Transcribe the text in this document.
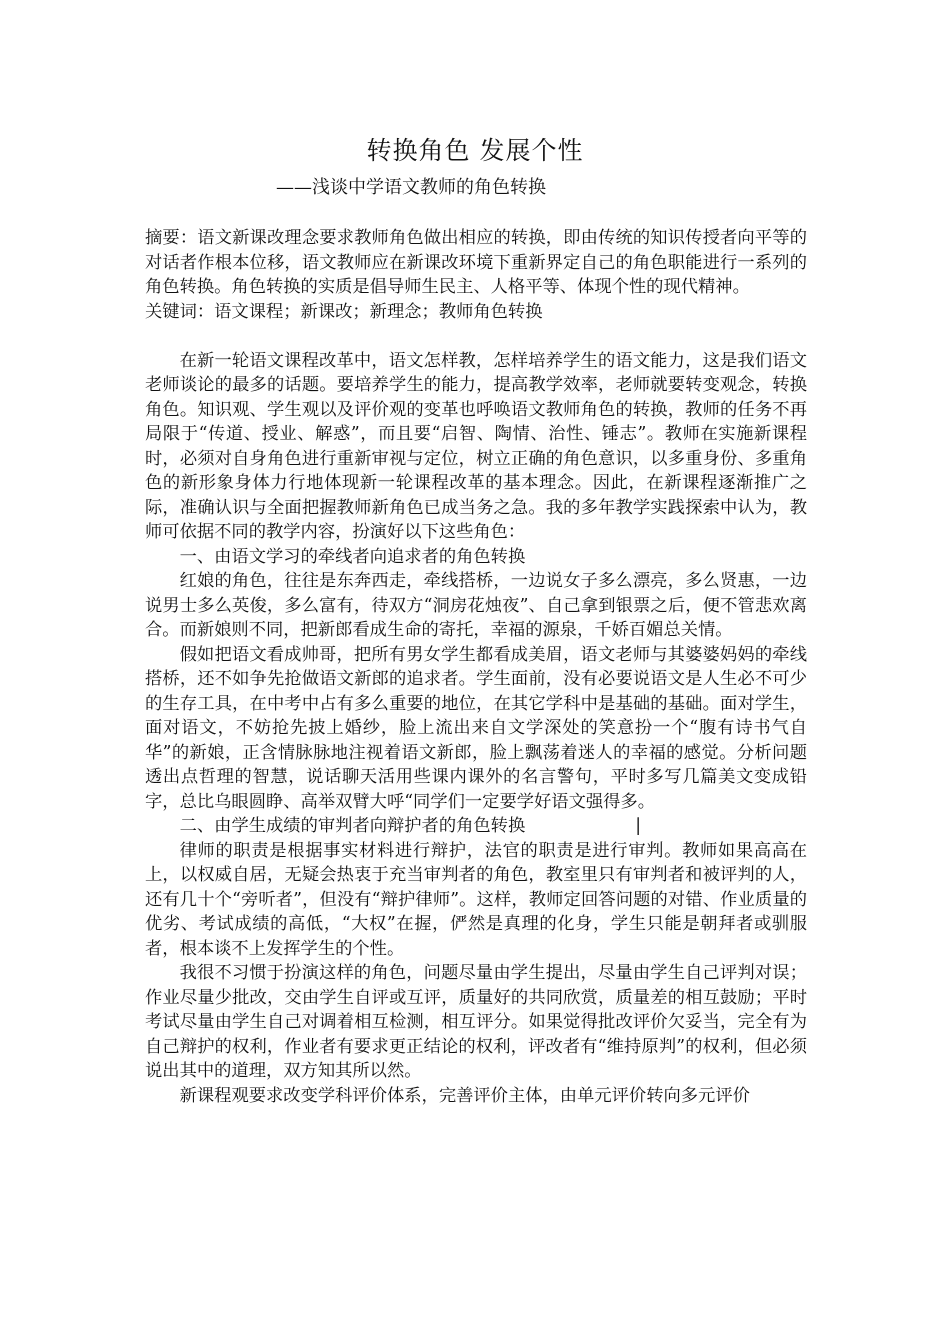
转换角色 发展个性
——浅谈中学语文教师的角色转换

摘要：语文新课改理念要求教师角色做出相应的转换，即由传统的知识传授者向平等的对话者作根本位移，语文教师应在新课改环境下重新界定自己的角色职能进行一系列的角色转换。角色转换的实质是倡导师生民主、人格平等、体现个性的现代精神。

关键词：语文课程；新课改；新理念；教师角色转换

在新一轮语文课程改革中，语文怎样教，怎样培养学生的语文能力，这是我们语文老师谈论的最多的话题。要培养学生的能力，提高教学效率，老师就要转变观念，转换角色。知识观、学生观以及评价观的变革也呼唤语文教师角色的转换，教师的任务不再局限于“传道、授业、解惑”，而且要“启智、陶情、治性、锤志”。教师在实施新课程时，必须对自身角色进行重新审视与定位，树立正确的角色意识，以多重身份、多重角色的新形象身体力行地体现新一轮课程改革的基本理念。因此，在新课程逐渐推广之际，准确认识与全面把握教师新角色已成当务之急。我的多年教学实践探索中认为，教师可依据不同的教学内容，扮演好以下这些角色：

一、由语文学习的牵线者向追求者的角色转换

红娘的角色，往往是东奔西走，牵线搭桥，一边说女子多么漂亮，多么贤惠，一边说男士多么英俊，多么富有，待双方“洞房花烛夜”、自己拿到银票之后，便不管悲欢离合。而新娘则不同，把新郎看成生命的寄托，幸福的源泉，千娇百媚总关情。

假如把语文看成帅哥，把所有男女学生都看成美眉，语文老师与其婆婆妈妈的牵线搭桥，还不如争先抢做语文新郎的追求者。学生面前，没有必要说语文是人生必不可少的生存工具，在中考中占有多么重要的地位，在其它学科中是基础的基础。面对学生，面对语文，不妨抢先披上婚纱，脸上流出来自文学深处的笑意扮一个“腹有诗书气自华”的新娘，正含情脉脉地注视着语文新郎，脸上飘荡着迷人的幸福的感觉。分析问题透出点哲理的智慧，说话聊天活用些课内课外的名言警句，平时多写几篇美文变成铅字，总比乌眼圆睁、高举双臂大呼“同学们一定要学好语文强得多。

二、由学生成绩的审判者向辩护者的角色转换	|

律师的职责是根据事实材料进行辩护，法官的职责是进行审判。教师如果高高在上，以权威自居，无疑会热衷于充当审判者的角色，教室里只有审判者和被评判的人，还有几十个“旁听者”，但没有“辩护律师”。这样，教师定回答问题的对错、作业质量的优劣、考试成绩的高低，“大权”在握，俨然是真理的化身，学生只能是朝拜者或驯服者，根本谈不上发挥学生的个性。

我很不习惯于扮演这样的角色，问题尽量由学生提出，尽量由学生自己评判对误；作业尽量少批改，交由学生自评或互评，质量好的共同欣赏，质量差的相互鼓励；平时考试尽量由学生自己对调着相互检测，相互评分。如果觉得批改评价欠妥当，完全有为自己辩护的权利，作业者有要求更正结论的权利，评改者有“维持原判”的权利，但必须说出其中的道理，双方知其所以然。

新课程观要求改变学科评价体系，完善评价主体，由单元评价转向多元评价
